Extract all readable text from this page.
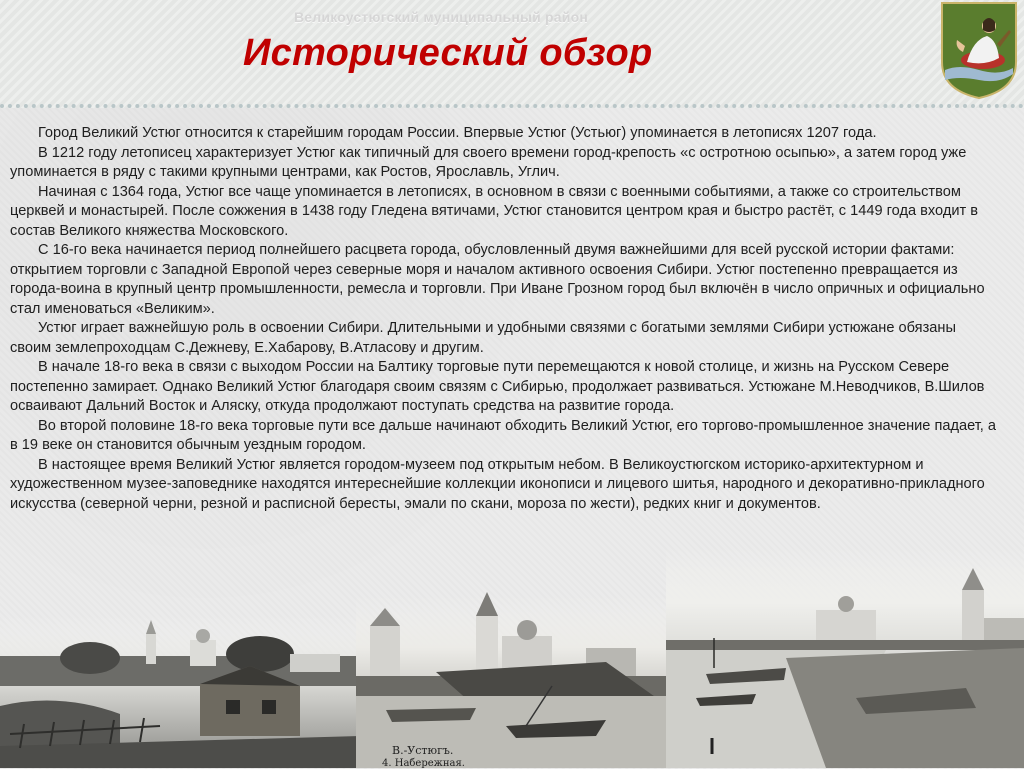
Великоустюгский муниципальный район
Исторический обзор

Город Великий Устюг относится к старейшим городам России. Впервые Устюг (Устьюг) упоминается в летописях 1207 года.

В 1212 году летописец характеризует Устюг как типичный для своего времени город-крепость «с остротною осыпью», а затем город уже упоминается в ряду с такими крупными центрами, как Ростов, Ярославль, Углич.

Начиная с 1364 года, Устюг все чаще упоминается в летописях, в основном в связи с военными событиями, а также со строительством церквей и монастырей. После сожжения в 1438 году Гледена вятичами, Устюг становится центром края и быстро растёт, с 1449 года входит в состав Великого княжества Московского.

С 16-го века начинается период полнейшего расцвета города, обусловленный двумя важнейшими для всей русской истории фактами: открытием торговли с Западной Европой через северные моря и началом активного освоения Сибири. Устюг постепенно превращается из города-воина в крупный центр промышленности, ремесла и торговли. При Иване Грозном город был включён в число опричных и официально стал именоваться «Великим».

Устюг играет важнейшую роль в освоении Сибири. Длительными и удобными связями с богатыми землями Сибири устюжане обязаны своим землепроходцам С.Дежневу, Е.Хабарову, В.Атласову и другим.

В начале 18-го века в связи с выходом России на Балтику торговые пути перемещаются к новой столице, и жизнь на Русском Севере постепенно замирает. Однако Великий Устюг благодаря своим связям с Сибирью, продолжает развиваться. Устюжане М.Неводчиков, В.Шилов осваивают Дальний Восток и Аляску, откуда продолжают поступать средства на развитие города.

Во второй половине 18-го века торговые пути все дальше начинают обходить Великий Устюг, его торгово-промышленное значение падает, а в 19 веке он становится обычным уездным городом.

В настоящее время Великий Устюг является городом-музеем под открытым небом. В Великоустюгском историко-архитектурном и художественном музее-заповеднике находятся интереснейшие коллекции иконописи и лицевого шитья, народного и декоративно-прикладного искусства (северной черни, резной и расписной бересты, эмали по скани, мороза по жести), редких книг и документов.

В.-Устюгъ.
4. Набережная.
